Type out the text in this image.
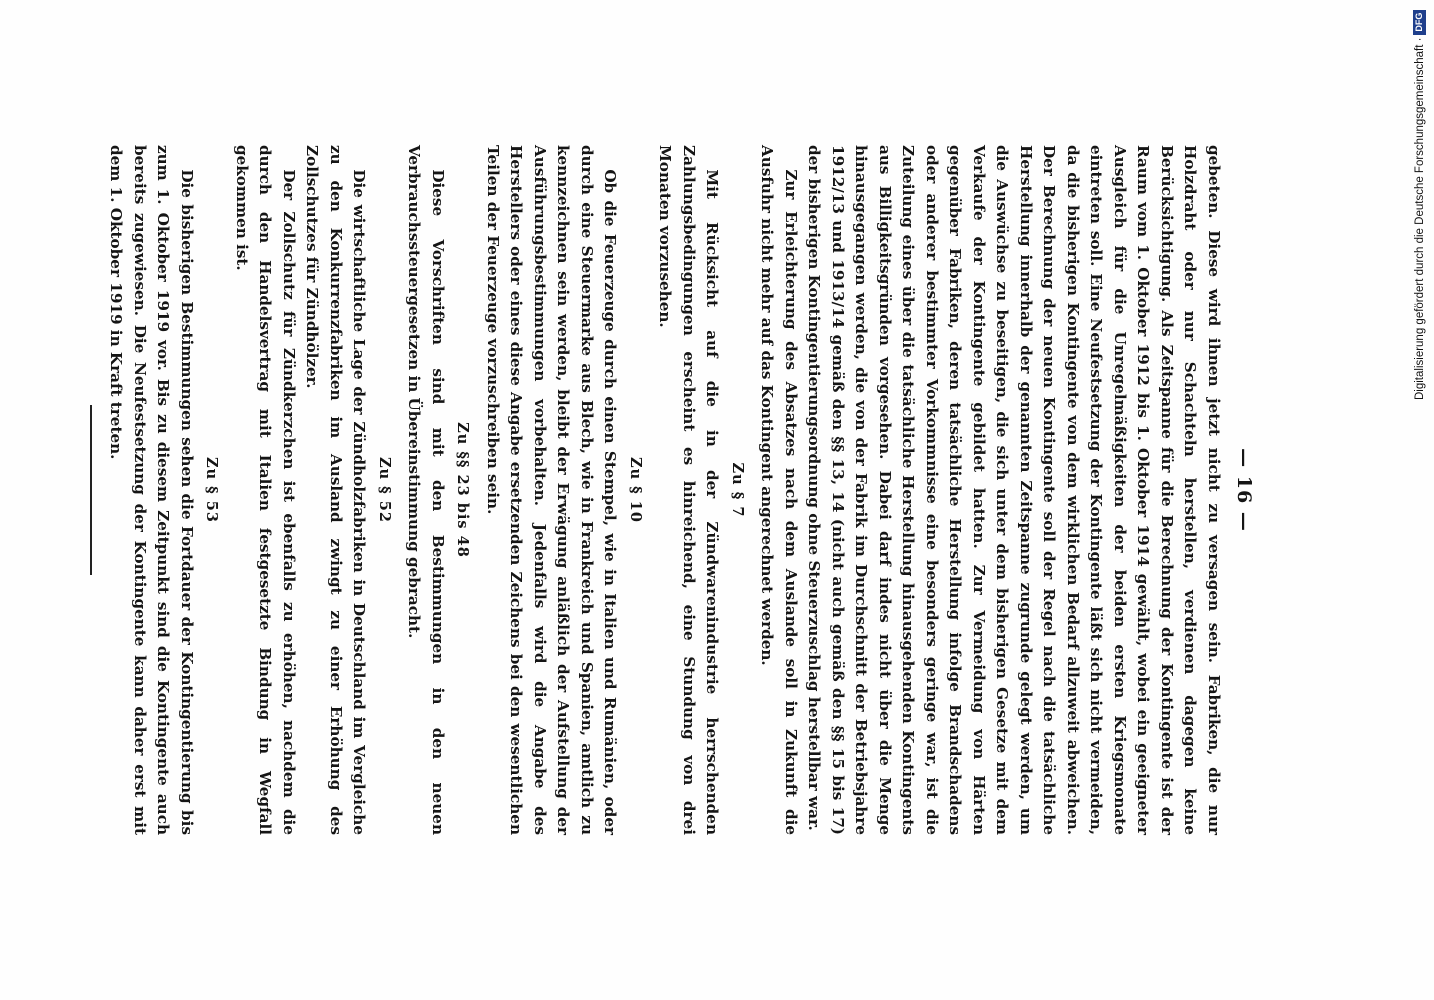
— 16 —

gebeten. Diese wird ihnen jetzt nicht zu versagen sein. Fabriken, die nur Holzdraht oder nur Schachteln herstellen, verdienen dagegen keine Berücksichtigung. Als Zeitspanne für die Berechnung der Kontingente ist der Raum vom 1. Oktober 1912 bis 1. Oktober 1914 gewählt, wobei ein geeigneter Ausgleich für die Unregelmäßigkeiten der beiden ersten Kriegsmonate eintreten soll. Eine Neufestsetzung der Kontingente läßt sich nicht vermeiden, da die bisherigen Kontingente von dem wirklichen Bedarf allzuweit abweichen. Der Berechnung der neuen Kontingente soll der Regel nach die tatsächliche Herstellung innerhalb der genannten Zeitspanne zugrunde gelegt werden, um die Auswüchse zu beseitigen, die sich unter dem bisherigen Gesetze mit dem Verkaufe der Kontingente gebildet hatten. Zur Vermeidung von Härten gegenüber Fabriken, deren tatsächliche Herstellung infolge Brandschadens oder anderer bestimmter Vorkommnisse eine besonders geringe war, ist die Zuteilung eines über die tatsächliche Herstellung hinausgehenden Kontingents aus Billigkeitsgründen vorgesehen. Dabei darf indes nicht über die Menge hinausgegangen werden, die von der Fabrik im Durchschnitt der Betriebsjahre 1912/13 und 1913/14 gemäß den §§ 13, 14 (nicht auch gemäß den §§ 15 bis 17) der bisherigen Kontingentierungsordnung ohne Steuerzuschlag herstellbar war.

Zur Erleichterung des Absatzes nach dem Auslande soll in Zukunft die Ausfuhr nicht mehr auf das Kontingent angerechnet werden.

Zu § 7

Mit Rücksicht auf die in der Zündwarenindustrie herrschenden Zahlungsbedingungen erscheint es hinreichend, eine Stundung von drei Monaten vorzusehen.

Zu § 10

Ob die Feuerzeuge durch einen Stempel, wie in Italien und Rumänien, oder durch eine Steuermarke aus Blech, wie in Frankreich und Spanien, amtlich zu kennzeichnen sein werden, bleibt der Erwägung anläßlich der Aufstellung der Ausführungsbestimmungen vorbehalten. Jedenfalls wird die Angabe des Herstellers oder eines diese Angabe ersetzenden Zeichens bei den wesentlichen Teilen der Feuerzeuge vorzuschreiben sein.

Zu §§ 23 bis 48

Diese Vorschriften sind mit den Bestimmungen in den neuen Verbrauchssteuergesetzen in Übereinstimmung gebracht.

Zu § 52

Die wirtschaftliche Lage der Zündholzfabriken in Deutschland im Vergleiche zu den Konkurrenzfabriken im Ausland zwingt zu einer Erhöhung des Zollschutzes für Zündhölzer.

Der Zollschutz für Zündkerzchen ist ebenfalls zu erhöhen, nachdem die durch den Handelsvertrag mit Italien festgesetzte Bindung in Wegfall gekommen ist.

Zu § 53

Die bisherigen Bestimmungen sehen die Fortdauer der Kontingentierung bis zum 1. Oktober 1919 vor. Bis zu diesem Zeitpunkt sind die Kontingente auch bereits zugewiesen. Die Neufestsetzung der Kontingente kann daher erst mit dem 1. Oktober 1919 in Kraft treten.	Digitalisierung gefördert durch die Deutsche Forschungsgemeinschaft ·DFG
